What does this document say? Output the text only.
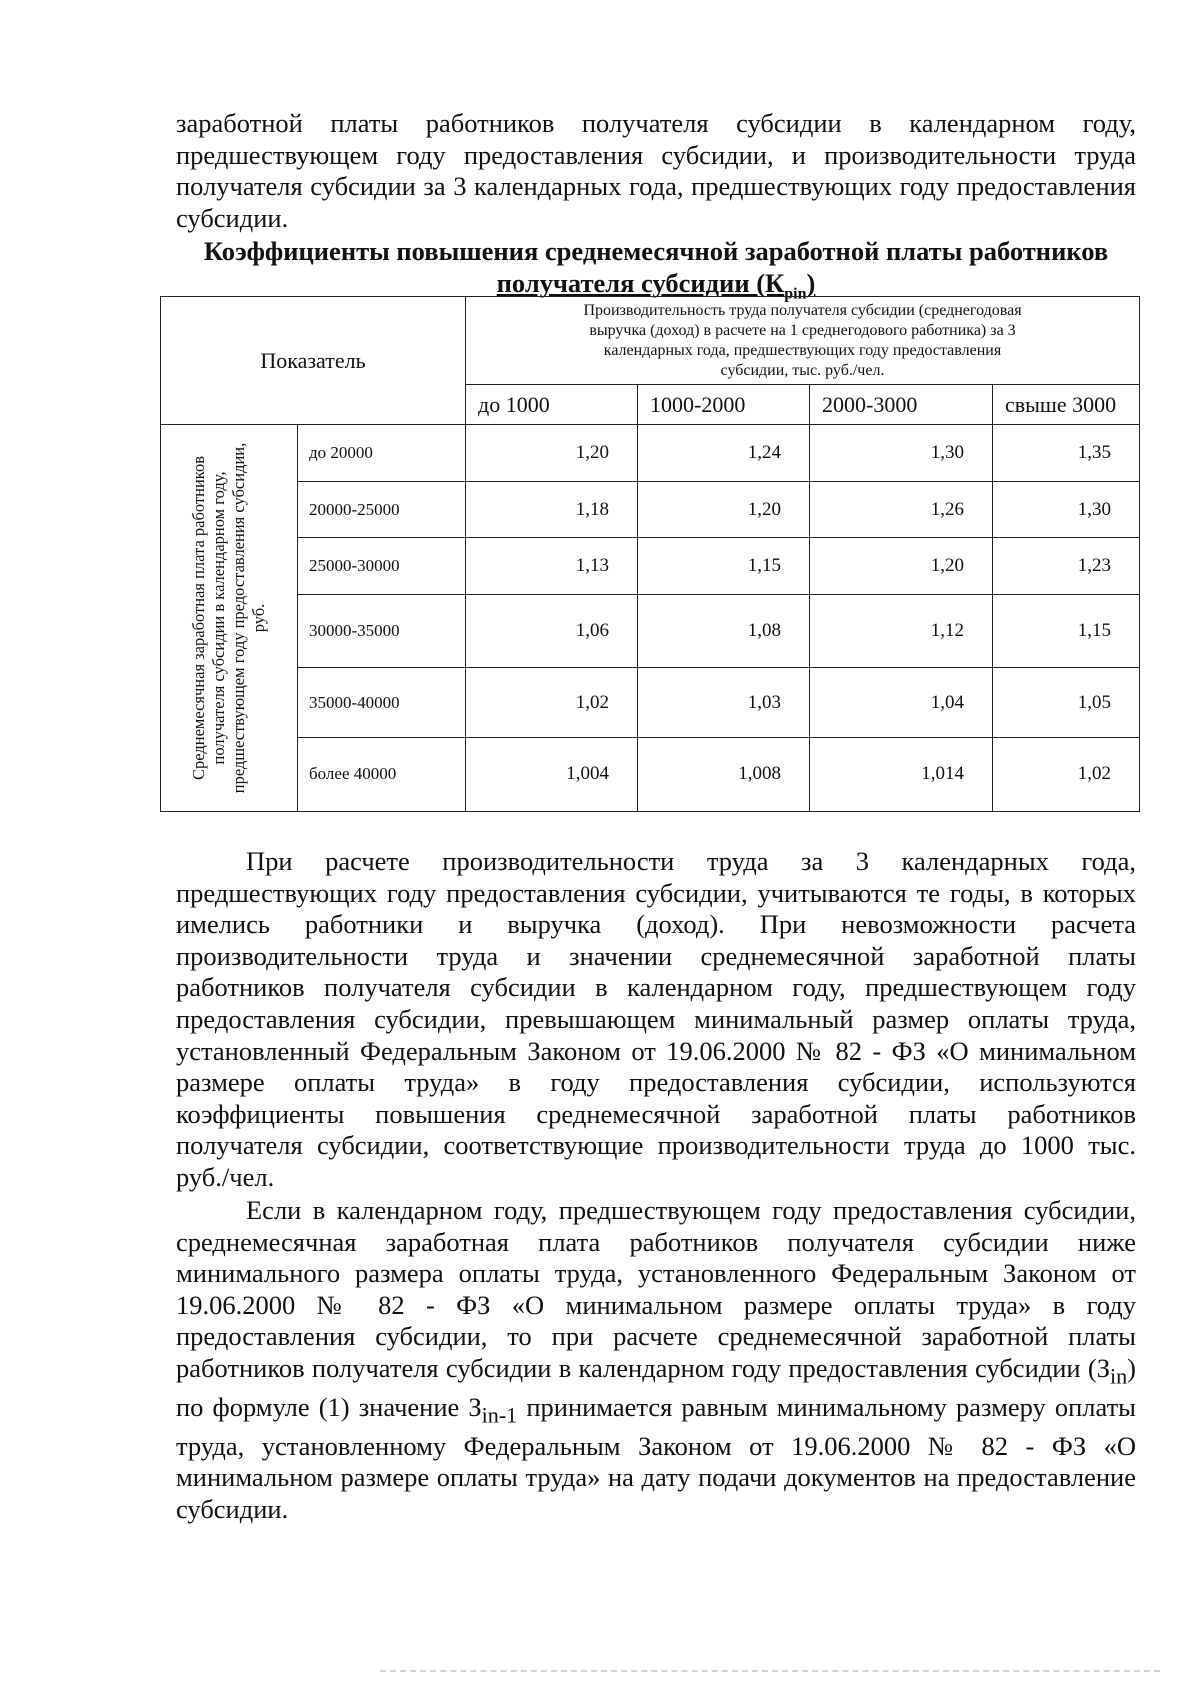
заработной платы работников получателя субсидии в календарном году, предшествующем году предоставления субсидии, и производительности труда получателя субсидии за 3 календарных года, предшествующих году предоставления субсидии.

Коэффициенты повышения среднемесячной заработной платы работников
получателя субсидии $(К_{pin})$
Показатель		Производительность труда получателя субсидии (среднегодовая
выручка (доход) в расчете на 1 среднегодового работника) за 3
календарных года, предшествующих году предоставления
субсидии, тыс. руб./чел.			

		до 1000	1000-2000	2000-3000	свыше 3000

Среднемесячная заработная плата работников получателя субсидии в календарном году, предшествующем году предоставления субсидии, руб.	до 20000	1,20	1,24	1,30	1,35
	20000-25000	1,18	1,20	1,26	1,30
	25000-30000	1,13	1,15	1,20	1,23
	30000-35000	1,06	1,08	1,12	1,15
	35000-40000	1,02	1,03	1,04	1,05
	более 40000	1,004	1,008	1,014	1,02

При расчете производительности труда за 3 календарных года, предшествующих году предоставления субсидии, учитываются те годы, в которых имелись работники и выручка (доход). При невозможности расчета производительности труда и значении среднемесячной заработной платы работников получателя субсидии в календарном году, предшествующем году предоставления субсидии, превышающем минимальный размер оплаты труда, установленный Федеральным Законом от 19.06.2000 № 82 - ФЗ «О минимальном размере оплаты труда» в году предоставления субсидии, используются коэффициенты повышения среднемесячной заработной платы работников получателя субсидии, соответствующие производительности труда до 1000 тыс. руб./чел.

Если в календарном году, предшествующем году предоставления субсидии, среднемесячная заработная плата работников получателя субсидии ниже минимального размера оплаты труда, установленного Федеральным Законом от 19.06.2000 № 82 - ФЗ «О минимальном размере оплаты труда» в году предоставления субсидии, то при расчете среднемесячной заработной платы работников получателя субсидии в календарном году предоставления субсидии $(З_{in})$ по формуле (1) значение $З_{in-1}$ принимается равным минимальному размеру оплаты труда, установленному Федеральным Законом от 19.06.2000 № 82 - ФЗ «О минимальном размере оплаты труда» на дату подачи документов на предоставление субсидии.
